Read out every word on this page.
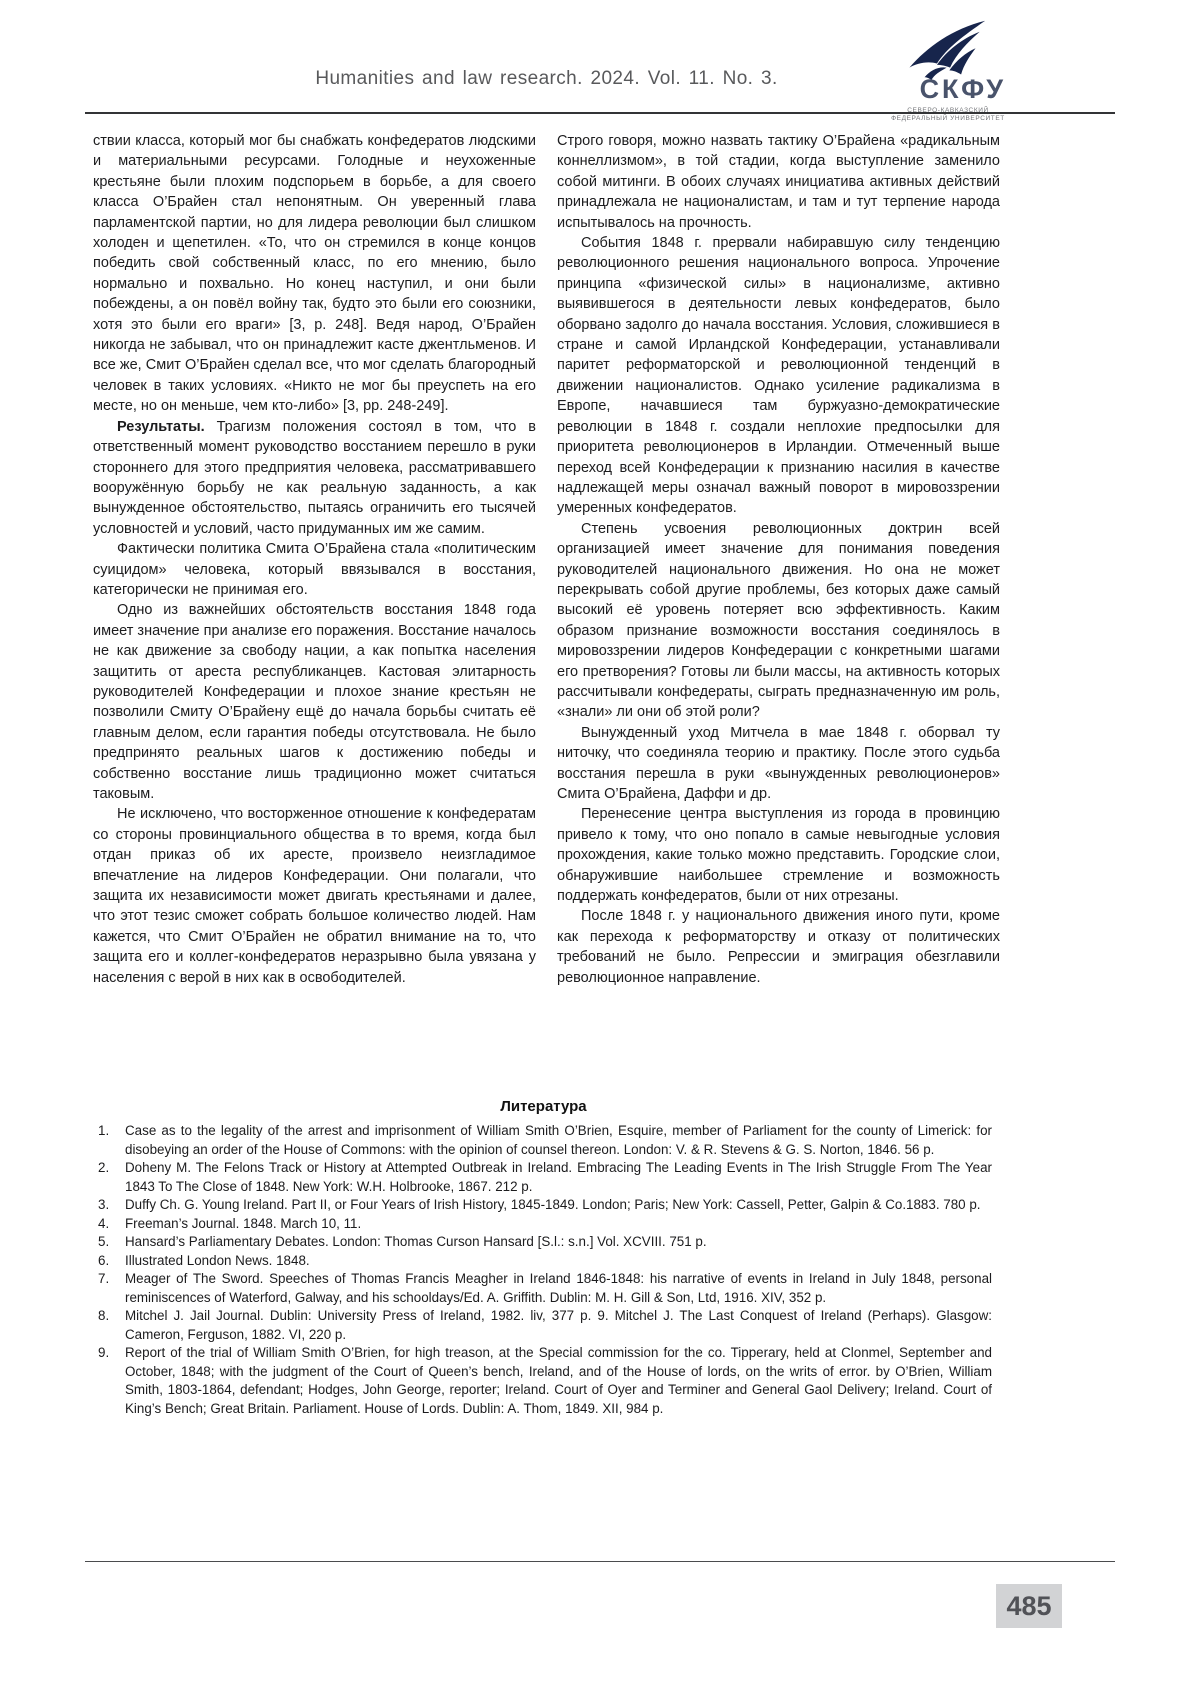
Humanities and law research. 2024. Vol. 11. No. 3.	СКФУ
СЕВЕРО-КАВКАЗСКИЙ
ФЕДЕРАЛЬНЫЙ УНИВЕРСИТЕТ

ствии класса, который мог бы снабжать конфедератов людскими и материальными ресурсами. Голодные и неухоженные крестьяне были плохим подспорьем в борьбе, а для своего класса О’Брайен стал непонятным. Он уверенный глава парламентской партии, но для лидера революции был слишком холоден и щепетилен. «То, что он стремился в конце концов победить свой собственный класс, по его мнению, было нормально и похвально. Но конец наступил, и они были побеждены, а он повёл войну так, будто это были его союзники, хотя это были его враги» [3, p. 248]. Ведя народ, О’Брайен никогда не забывал, что он принадлежит касте джентльменов. И все же, Смит О’Брайен сделал все, что мог сделать благородный человек в таких условиях. «Никто не мог бы преуспеть на его месте, но он меньше, чем кто-либо» [3, pp. 248-249].

Результаты. Трагизм положения состоял в том, что в ответственный момент руководство восстанием перешло в руки стороннего для этого предприятия человека, рассматривавшего вооружённую борьбу не как реальную заданность, а как вынужденное обстоятельство, пытаясь ограничить его тысячей условностей и условий, часто придуманных им же самим.

Фактически политика Смита О’Брайена стала «политическим суицидом» человека, который ввязывался в восстания, категорически не принимая его.

Одно из важнейших обстоятельств восстания 1848 года имеет значение при анализе его поражения. Восстание началось не как движение за свободу нации, а как попытка населения защитить от ареста республиканцев. Кастовая элитарность руководителей Конфедерации и плохое знание крестьян не позволили Смиту О’Брайену ещё до начала борьбы считать её главным делом, если гарантия победы отсутствовала. Не было предпринято реальных шагов к достижению победы и собственно восстание лишь традиционно может считаться таковым.

Не исключено, что восторженное отношение к конфедератам со стороны провинциального общества в то время, когда был отдан приказ об их аресте, произвело неизгладимое впечатление на лидеров Конфедерации. Они полагали, что защита их независимости может двигать крестьянами и далее, что этот тезис сможет собрать большое количество людей. Нам кажется, что Смит О’Брайен не обратил внимание на то, что защита его и коллег-конфедератов неразрывно была увязана у населения с верой в них как в освободителей.

Строго говоря, можно назвать тактику О’Брайена «радикальным коннеллизмом», в той стадии, когда выступление заменило собой митинги. В обоих случаях инициатива активных действий принадлежала не националистам, и там и тут терпение народа испытывалось на прочность.

События 1848 г. прервали набиравшую силу тенденцию революционного решения национального вопроса. Упрочение принципа «физической силы» в национализме, активно выявившегося в деятельности левых конфедератов, было оборвано задолго до начала восстания. Условия, сложившиеся в стране и самой Ирландской Конфедерации, устанавливали паритет реформаторской и революционной тенденций в движении националистов. Однако усиление радикализма в Европе, начавшиеся там буржуазно-демократические революции в 1848 г. создали неплохие предпосылки для приоритета революционеров в Ирландии. Отмеченный выше переход всей Конфедерации к признанию насилия в качестве надлежащей меры означал важный поворот в мировоззрении умеренных конфедератов.

Степень усвоения революционных доктрин всей организацией имеет значение для понимания поведения руководителей национального движения. Но она не может перекрывать собой другие проблемы, без которых даже самый высокий её уровень потеряет всю эффективность. Каким образом признание возможности восстания соединялось в мировоззрении лидеров Конфедерации с конкретными шагами его претворения? Готовы ли были массы, на активность которых рассчитывали конфедераты, сыграть предназначенную им роль, «знали» ли они об этой роли?

Вынужденный уход Митчела в мае 1848 г. оборвал ту ниточку, что соединяла теорию и практику. После этого судьба восстания перешла в руки «вынужденных революционеров» Смита О’Брайена, Даффи и др.

Перенесение центра выступления из города в провинцию привело к тому, что оно попало в самые невыгодные условия прохождения, какие только можно представить. Городские слои, обнаружившие наибольшее стремление и возможность поддержать конфедератов, были от них отрезаны.

После 1848 г. у национального движения иного пути, кроме как перехода к реформаторству и отказу от политических требований не было. Репрессии и эмиграция обезглавили революционное направление.

Литература
Case as to the legality of the arrest and imprisonment of William Smith O’Brien, Esquire, member of Parliament for the county of Limerick: for disobeying an order of the House of Commons: with the opinion of counsel thereon. London: V. & R. Stevens & G. S. Norton, 1846. 56 p.
Doheny M. The Felons Track or History at Attempted Outbreak in Ireland. Embracing The Leading Events in The Irish Struggle From The Year 1843 To The Close of 1848. New York: W.H. Holbrooke, 1867. 212 p.
Duffy Ch. G. Young Ireland. Part II, or Four Years of Irish History, 1845-1849. London; Paris; New York: Cassell, Petter, Galpin & Co.1883. 780 p.
Freeman’s Journal. 1848. March 10, 11.
Hansard’s Parliamentary Debates. London: Thomas Curson Hansard [S.l.: s.n.] Vol. XCVIII. 751 p.
Illustrated London News. 1848.
Meager of The Sword. Speeches of Thomas Francis Meagher in Ireland 1846-1848: his narrative of events in Ireland in July 1848, personal reminiscences of Waterford, Galway, and his schooldays/Ed. A. Griffith. Dublin: M. H. Gill & Son, Ltd, 1916. XIV, 352 p.
Mitchel J. Jail Journal. Dublin: University Press of Ireland, 1982. liv, 377 p. 9. Mitchel J. The Last Conquest of Ireland (Perhaps). Glasgow: Cameron, Ferguson, 1882. VI, 220 p.
Report of the trial of William Smith O’Brien, for high treason, at the Special commission for the co. Tipperary, held at Clonmel, September and October, 1848; with the judgment of the Court of Queen’s bench, Ireland, and of the House of lords, on the writs of error. by O’Brien, William Smith, 1803-1864, defendant; Hodges, John George, reporter; Ireland. Court of Oyer and Terminer and General Gaol Delivery; Ireland. Court of King’s Bench; Great Britain. Parliament. House of Lords. Dublin: A. Thom, 1849. XII, 984 p.
485
